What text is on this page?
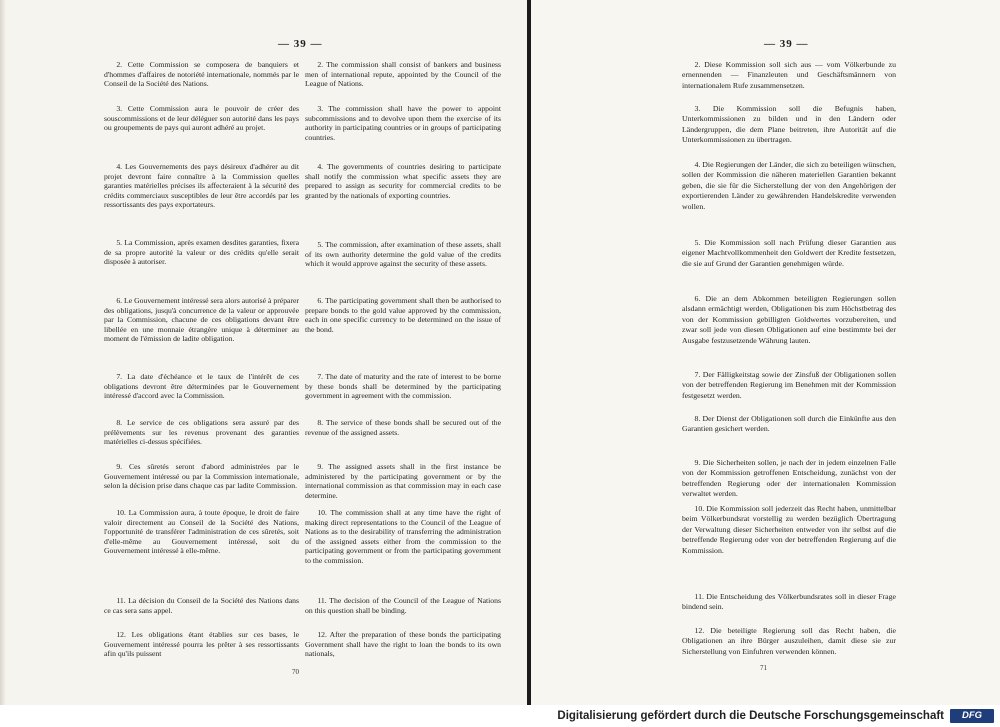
— 39 —

2. Cette Commission se composera de banquiers et d'hommes d'affaires de notoriété internationale, nommés par le Conseil de la Société des Nations.

3. Cette Commission aura le pouvoir de créer des souscommissions et de leur déléguer son autorité dans les pays ou groupements de pays qui auront adhéré au projet.

4. Les Gouvernements des pays désireux d'adhérer au dit projet devront faire connaître à la Commission quelles garanties matérielles précises ils affecteraient à la sécurité des crédits commerciaux susceptibles de leur être accordés par les ressortissants des pays exportateurs.

5. La Commission, après examen desdites garanties, fixera de sa propre autorité la valeur or des crédits qu'elle serait disposée à autoriser.

6. Le Gouvernement intéressé sera alors autorisé à préparer des obligations, jusqu'à concurrence de la valeur or approuvée par la Commission, chacune de ces obligations devant être libellée en une monnaie étrangère unique à déterminer au moment de l'émission de ladite obligation.

7. La date d'échéance et le taux de l'intérêt de ces obligations devront être déterminées par le Gouvernement intéressé d'accord avec la Commission.

8. Le service de ces obligations sera assuré par des prélèvements sur les revenus provenant des garanties matérielles ci-dessus spécifiées.

9. Ces sûretés seront d'abord administrées par le Gouvernement intéressé ou par la Commission internationale, selon la décision prise dans chaque cas par ladite Commission.

10. La Commission aura, à toute époque, le droit de faire valoir directement au Conseil de la Société des Nations, l'opportunité de transférer l'administration de ces sûretés, soit d'elle-même au Gouvernement intéressé, soit du Gouvernement intéressé à elle-même.

11. La décision du Conseil de la Société des Nations dans ce cas sera sans appel.

12. Les obligations étant établies sur ces bases, le Gouvernement intéressé pourra les prêter à ses ressortissants afin qu'ils puissent

2. The commission shall consist of bankers and business men of international repute, appointed by the Council of the League of Nations.

3. The commission shall have the power to appoint subcommissions and to devolve upon them the exercise of its authority in participating countries or in groups of participating countries.

4. The governments of countries desiring to participate shall notify the commission what specific assets they are prepared to assign as security for commercial credits to be granted by the nationals of exporting countries.

5. The commission, after examination of these assets, shall of its own authority determine the gold value of the credits which it would approve against the security of these assets.

6. The participating government shall then be authorised to prepare bonds to the gold value approved by the commission, each in one specific currency to be determined on the issue of the bond.

7. The date of maturity and the rate of interest to be borne by these bonds shall be determined by the participating government in agreement with the commission.

8. The service of these bonds shall be secured out of the revenue of the assigned assets.

9. The assigned assets shall in the first instance be administered by the participating government or by the international commission as that commission may in each case determine.

10. The commission shall at any time have the right of making direct representations to the Council of the League of Nations as to the desirability of transferring the administration of the assigned assets either from the commission to the participating government or from the participating government to the commission.

11. The decision of the Council of the League of Nations on this question shall be binding.

12. After the preparation of these bonds the participating Government shall have the right to loan the bonds to its own nationals,

70
— 39 —

2. Diese Kommission soll sich aus — vom Völkerbunde zu ernennenden — Finanzleuten und Geschäftsmännern von internationalem Rufe zusammensetzen.

3. Die Kommission soll die Befugnis haben, Unterkommissionen zu bilden und in den Ländern oder Ländergruppen, die dem Plane beitreten, ihre Autorität auf die Unterkommissionen zu übertragen.

4. Die Regierungen der Länder, die sich zu beteiligen wünschen, sollen der Kommission die näheren materiellen Garantien bekannt geben, die sie für die Sicherstellung der von den Angehörigen der exportierenden Länder zu gewährenden Handelskredite verwenden wollen.

5. Die Kommission soll nach Prüfung dieser Garantien aus eigener Machtvollkommenheit den Goldwert der Kredite festsetzen, die sie auf Grund der Garantien genehmigen würde.

6. Die an dem Abkommen beteiligten Regierungen sollen alsdann ermächtigt werden, Obligationen bis zum Höchstbetrag des von der Kommission gebilligten Goldwertes vorzubereiten, und zwar soll jede von diesen Obligationen auf eine bestimmte bei der Ausgabe festzusetzende Währung lauten.

7. Der Fälligkeitstag sowie der Zinsfuß der Obligationen sollen von der betreffenden Regierung im Benehmen mit der Kommission festgesetzt werden.

8. Der Dienst der Obligationen soll durch die Einkünfte aus den Garantien gesichert werden.

9. Die Sicherheiten sollen, je nach der in jedem einzelnen Falle von der Kommission getroffenen Entscheidung, zunächst von der betreffenden Regierung oder der internationalen Kommission verwaltet werden.

10. Die Kommission soll jederzeit das Recht haben, unmittelbar beim Völkerbundsrat vorstellig zu werden bezüglich Übertragung der Verwaltung dieser Sicherheiten entweder von ihr selbst auf die betreffende Regierung oder von der betreffenden Regierung auf die Kommission.

11. Die Entscheidung des Völkerbundsrates soll in dieser Frage bindend sein.

12. Die beteiligte Regierung soll das Recht haben, die Obligationen an ihre Bürger auszuleihen, damit diese sie zur Sicherstellung von Einfuhren verwenden können.

71
Digitalisierung gefördert durch die Deutsche Forschungsgemeinschaft	DFG
